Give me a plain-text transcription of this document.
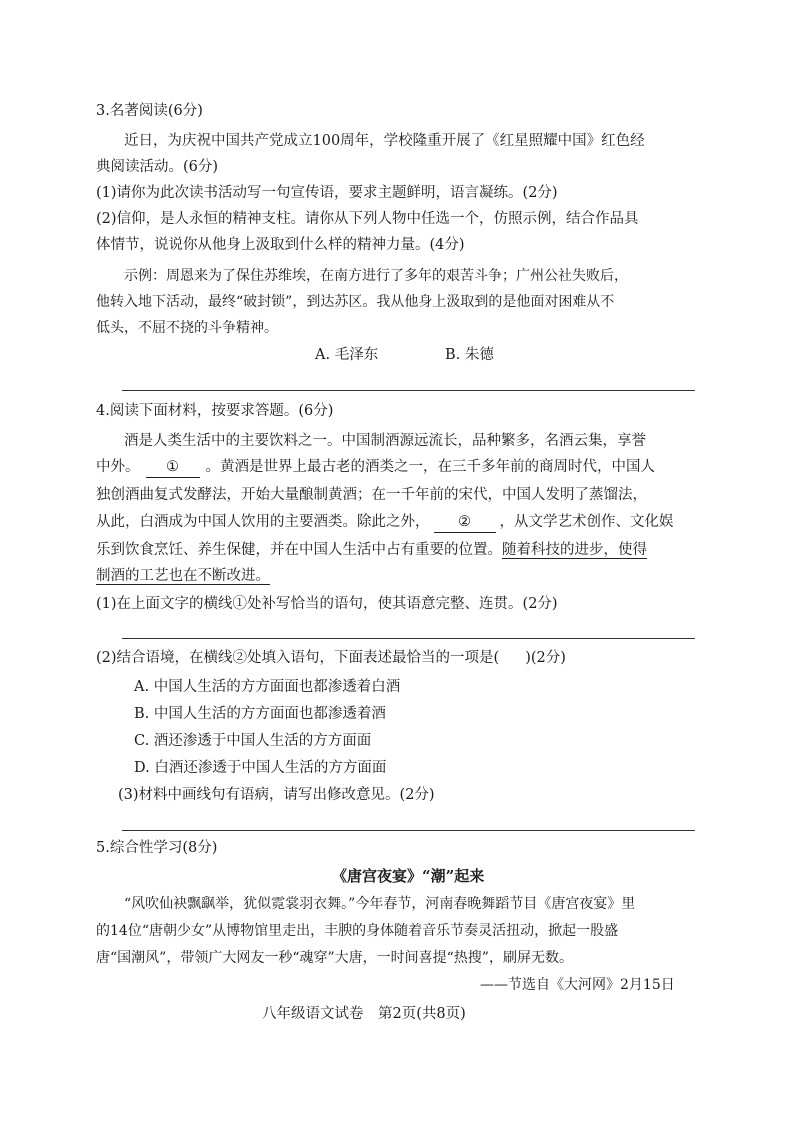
3.名著阅读(6分)
近日，为庆祝中国共产党成立100周年，学校隆重开展了《红星照耀中国》红色经
典阅读活动。(6分)
(1)请你为此次读书活动写一句宣传语，要求主题鲜明，语言凝练。(2分)
(2)信仰，是人永恒的精神支柱。请你从下列人物中任选一个，仿照示例，结合作品具
体情节，说说你从他身上汲取到什么样的精神力量。(4分)
示例：周恩来为了保住苏维埃，在南方进行了多年的艰苦斗争；广州公社失败后，
他转入地下活动，最终“破封锁”，到达苏区。我从他身上汲取到的是他面对困难从不
低头，不屈不挠的斗争精神。
A. 毛泽东	B. 朱德
4.阅读下面材料，按要求答题。(6分)
酒是人类生活中的主要饮料之一。中国制酒源远流长，品种繁多，名酒云集，享誉
中外。 ① 。黄酒是世界上最古老的酒类之一，在三千多年前的商周时代，中国人
独创酒曲复式发酵法，开始大量酿制黄酒；在一千年前的宋代，中国人发明了蒸馏法，
从此，白酒成为中国人饮用的主要酒类。除此之外， ② ，从文学艺术创作、文化娱
乐到饮食烹饪、养生保健，并在中国人生活中占有重要的位置。随着科技的进步，使得
制酒的工艺也在不断改进。
(1)在上面文字的横线①处补写恰当的语句，使其语意完整、连贯。(2分)
(2)结合语境，在横线②处填入语句，下面表述最恰当的一项是( )(2分)
A. 中国人生活的方方面面也都渗透着白酒
B. 中国人生活的方方面面也都渗透着酒
C. 酒还渗透于中国人生活的方方面面
D. 白酒还渗透于中国人生活的方方面面
(3)材料中画线句有语病，请写出修改意见。(2分)
5.综合性学习(8分)
《唐宫夜宴》“潮”起来
“风吹仙袂飘飖举，犹似霓裳羽衣舞。”今年春节，河南春晚舞蹈节目《唐宫夜宴》里
的14位“唐朝少女”从博物馆里走出，丰腴的身体随着音乐节奏灵活扭动，掀起一股盛
唐“国潮风”，带领广大网友一秒“魂穿”大唐，一时间喜提“热搜”，刷屏无数。
——节选自《大河网》2月15日
八年级语文试卷　第2页(共8页)
